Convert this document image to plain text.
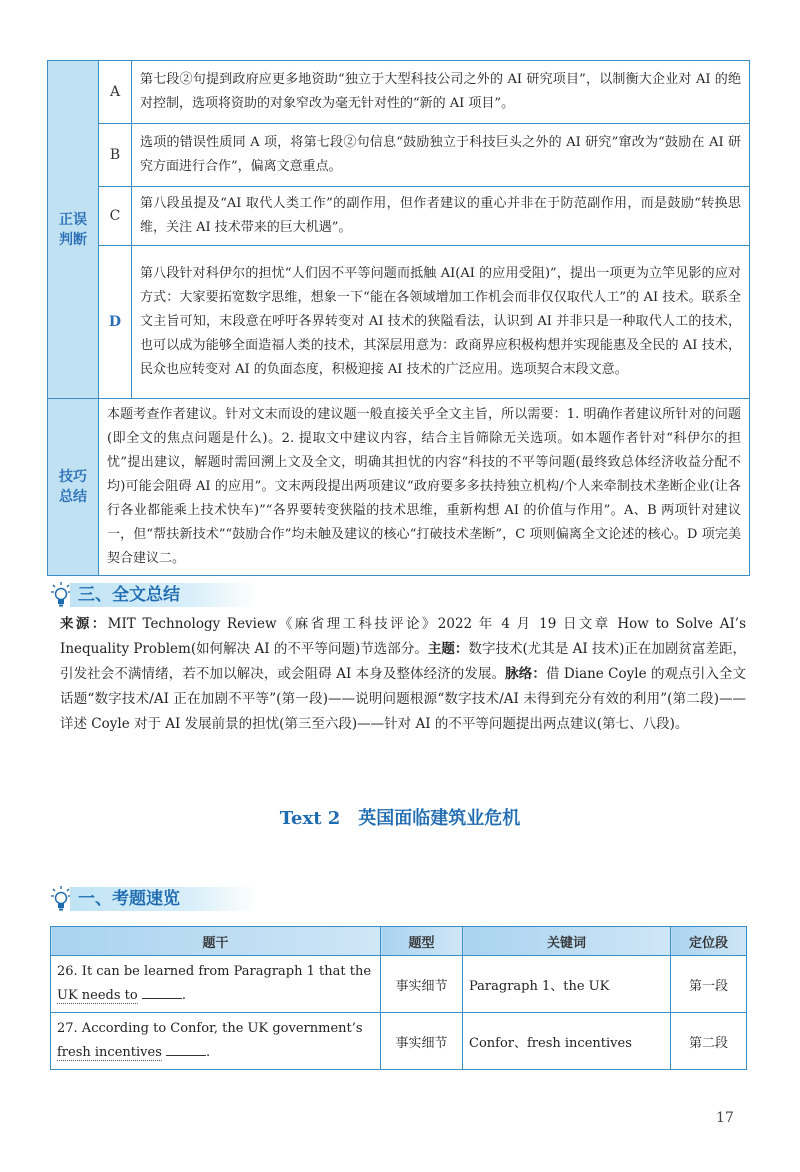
正误
判断	A	第七段②句提到政府应更多地资助“独立于大型科技公司之外的 AI 研究项目”，以制衡大企业对 AI 的绝对控制，选项将资助的对象窄改为毫无针对性的“新的 AI 项目”。
	B	选项的错误性质同 A 项，将第七段②句信息“鼓励独立于科技巨头之外的 AI 研究”窜改为“鼓励在 AI 研究方面进行合作”，偏离文意重点。
	C	第八段虽提及“AI 取代人类工作”的副作用，但作者建议的重心并非在于防范副作用，而是鼓励“转换思维，关注 AI 技术带来的巨大机遇”。
	D	第八段针对科伊尔的担忧“人们因不平等问题而抵触 AI(AI 的应用受阻)”，提出一项更为立竿见影的应对方式：大家要拓宽数字思维，想象一下“能在各领域增加工作机会而非仅仅取代人工”的 AI 技术。联系全文主旨可知，末段意在呼吁各界转变对 AI 技术的狭隘看法，认识到 AI 并非只是一种取代人工的技术，也可以成为能够全面造福人类的技术，其深层用意为：政商界应积极构想并实现能惠及全民的 AI 技术，民众也应转变对 AI 的负面态度，积极迎接 AI 技术的广泛应用。选项契合末段文意。

技巧
总结	本题考查作者建议。针对文末而设的建议题一般直接关乎全文主旨，所以需要：1. 明确作者建议所针对的问题(即全文的焦点问题是什么)。2. 提取文中建议内容，结合主旨筛除无关选项。如本题作者针对“科伊尔的担忧”提出建议，解题时需回溯上文及全文，明确其担忧的内容“科技的不平等问题(最终致总体经济收益分配不均)可能会阻碍 AI 的应用”。文末两段提出两项建议“政府要多多扶持独立机构/个人来牵制技术垄断企业(让各行各业都能乘上技术快车)”“各界要转变狭隘的技术思维，重新构想 AI 的价值与作用”。A、B 两项针对建议一，但“帮扶新技术”“鼓励合作”均未触及建议的核心“打破技术垄断”，C 项则偏离全文论述的核心。D 项完美契合建议二。	
三、全文总结
来源：MIT Technology Review《麻省理工科技评论》2022 年 4 月 19 日文章 How to Solve AI’s Inequality Problem(如何解决 AI 的不平等问题)节选部分。主题：数字技术(尤其是 AI 技术)正在加剧贫富差距，引发社会不满情绪，若不加以解决，或会阻碍 AI 本身及整体经济的发展。脉络：借 Diane Coyle 的观点引入全文话题“数字技术/AI 正在加剧不平等”(第一段)——说明问题根源“数字技术/AI 未得到充分有效的利用”(第二段)——详述 Coyle 对于 AI 发展前景的担忧(第三至六段)——针对 AI 的不平等问题提出两点建议(第七、八段)。
Text 2　英国面临建筑业危机
一、考题速览
题干	题型	关键词	定位段

26. It can be learned from Paragraph 1 that the
UK needs to .	事实细节	Paragraph 1、the UK	第一段

27. According to Confor, the UK government’s
fresh incentives .	事实细节	Confor、fresh incentives	第二段
17
